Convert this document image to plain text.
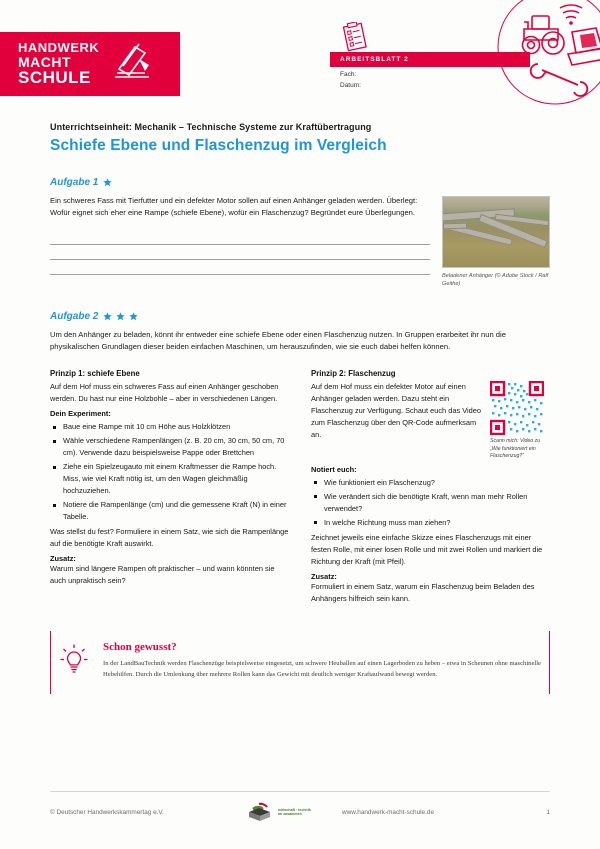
HANDWERK
MACHT
SCHULE
ARBEITSBLATT 2
Fach:
Datum:
Unterrichtseinheit: Mechanik – Technische Systeme zur Kraftübertragung
Schiefe Ebene und Flaschenzug im Vergleich
Aufgabe 1
Ein schweres Fass mit Tierfutter und ein defekter Motor sollen auf einen Anhänger geladen werden. Überlegt: Wofür eignet sich eher eine Rampe (schiefe Ebene), wofür ein Flaschenzug? Begründet eure Überlegungen.
Beladener Anhänger (© Adobe Stock / Ralf Geithe)
Aufgabe 2
Um den Anhänger zu beladen, könnt ihr entweder eine schiefe Ebene oder einen Flaschenzug nutzen. In Gruppen erarbeitet ihr nun die physikalischen Grundlagen dieser beiden einfachen Maschinen, um herauszufinden, wie sie euch dabei helfen können.
Prinzip 1: schiefe Ebene
Auf dem Hof muss ein schweres Fass auf einen Anhänger geschoben werden. Du hast nur eine Holzbohle – aber in verschiedenen Längen.
Dein Experiment:
Baue eine Rampe mit 10 cm Höhe aus Holzklötzen
Wähle verschiedene Rampenlängen (z. B. 20 cm, 30 cm, 50 cm, 70 cm). Verwende dazu beispielsweise Pappe oder Brettchen
Ziehe ein Spielzeugauto mit einem Kraftmesser die Rampe hoch. Miss, wie viel Kraft nötig ist, um den Wagen gleichmäßig hochzuziehen.
Notiere die Rampenlänge (cm) und die gemessene Kraft (N) in einer Tabelle.
Was stellst du fest? Formuliere in einem Satz, wie sich die Rampenlänge auf die benötigte Kraft auswirkt.
Zusatz:
Warum sind längere Rampen oft praktischer – und wann könnten sie auch unpraktisch sein?
Prinzip 2: Flaschenzug
Auf dem Hof muss ein defekter Motor auf einen Anhänger geladen werden. Dazu steht ein Flaschenzug zur Verfügung. Schaut euch das Video zum Flaschenzug über den QR-Code aufmerksam an.
Scann mich: Video zu „Wie funktioniert ein Flaschenzug?“
Notiert euch:
Wie funktioniert ein Flaschenzug?
Wie verändert sich die benötigte Kraft, wenn man mehr Rollen verwendet?
In welche Richtung muss man ziehen?
Zeichnet jeweils eine einfache Skizze eines Flaschenzugs mit einer festen Rolle, mit einer losen Rolle und mit zwei Rollen und markiert die Richtung der Kraft (mit Pfeil).
Zusatz:
Formuliert in einem Satz, warum ein Flaschenzug beim Beladen des Anhängers hilfreich sein kann.
Schon gewusst?
In der LandBauTechnik werden Flaschenzüge beispielsweise eingesetzt, um schwere Heuballen auf einen Lagerboden zu heben – etwa in Scheunen ohne maschinelle Hebehilfen. Durch die Umlenkung über mehrere Rollen kann das Gewicht mit deutlich weniger Kraftaufwand bewegt werden.
© Deutscher Handwerkskammertag e.V.	wirtschaft · technik
im zusammen	www.handwerk-macht-schule.de	1
